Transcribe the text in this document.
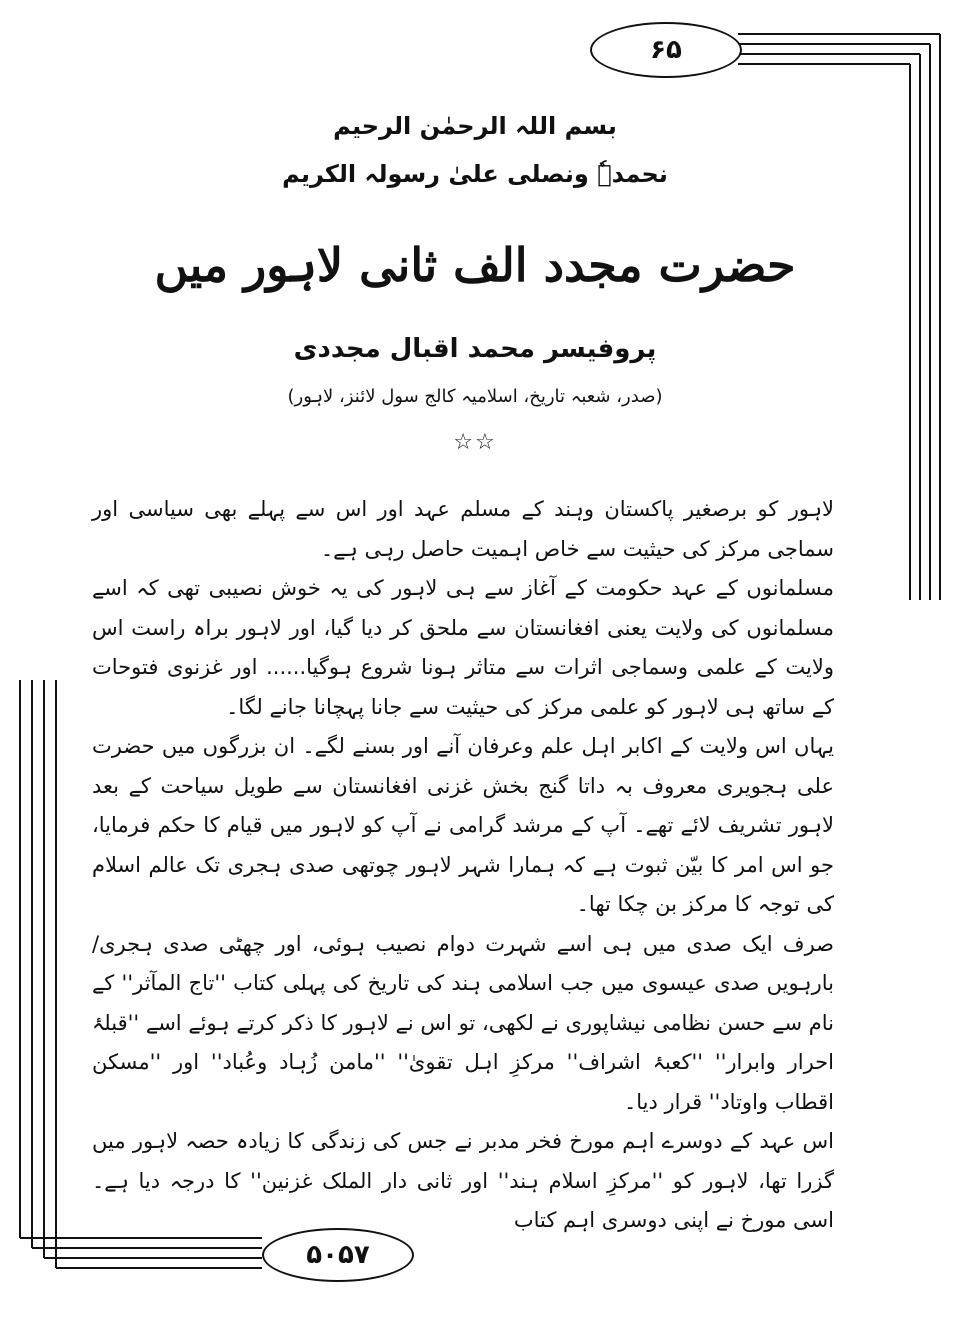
۶۵
بسم اللہ الرحمٰن الرحیم
نحمدہٗ ونصلی علیٰ رسولہ الکریم
حضرت مجدد الف ثانی لاہور میں
پروفیسر محمد اقبال مجددی
(صدر، شعبہ تاریخ، اسلامیہ کالج سول لائنز، لاہور)
☆☆

لاہور کو برصغیر پاکستان وہند کے مسلم عہد اور اس سے پہلے بھی سیاسی اور سماجی مرکز کی حیثیت سے خاص اہمیت حاصل رہی ہے۔

مسلمانوں کے عہد حکومت کے آغاز سے ہی لاہور کی یہ خوش نصیبی تھی کہ اسے مسلمانوں کی ولایت یعنی افغانستان سے ملحق کر دیا گیا، اور لاہور براہ راست اس ولایت کے علمی وسماجی اثرات سے متاثر ہونا شروع ہوگیا...... اور غزنوی فتوحات کے ساتھ ہی لاہور کو علمی مرکز کی حیثیت سے جانا پہچانا جانے لگا۔

یہاں اس ولایت کے اکابر اہل علم وعرفان آنے اور بسنے لگے۔ ان بزرگوں میں حضرت علی ہجویری معروف بہ داتا گنج بخش غزنی افغانستان سے طویل سیاحت کے بعد لاہور تشریف لائے تھے۔ آپ کے مرشد گرامی نے آپ کو لاہور میں قیام کا حکم فرمایا، جو اس امر کا بیّن ثبوت ہے کہ ہمارا شہر لاہور چوتھی صدی ہجری تک عالم اسلام کی توجہ کا مرکز بن چکا تھا۔

صرف ایک صدی میں ہی اسے شہرت دوام نصیب ہوئی، اور چھٹی صدی ہجری/بارہویں صدی عیسوی میں جب اسلامی ہند کی تاریخ کی پہلی کتاب ''تاج المآثر'' کے نام سے حسن نظامی نیشاپوری نے لکھی، تو اس نے لاہور کا ذکر کرتے ہوئے اسے ''قبلۂ احرار وابرار'' ''کعبۂ اشراف'' مرکزِ اہل تقویٰ'' ''مامن زُہاد وعُباد'' اور ''مسکن اقطاب واوتاد'' قرار دیا۔

اس عہد کے دوسرے اہم مورخ فخر مدبر نے جس کی زندگی کا زیادہ حصہ لاہور میں گزرا تھا، لاہور کو ''مرکزِ اسلام ہند'' اور ثانی دار الملک غزنین'' کا درجہ دیا ہے۔ اسی مورخ نے اپنی دوسری اہم کتاب

۵۰۵۷
